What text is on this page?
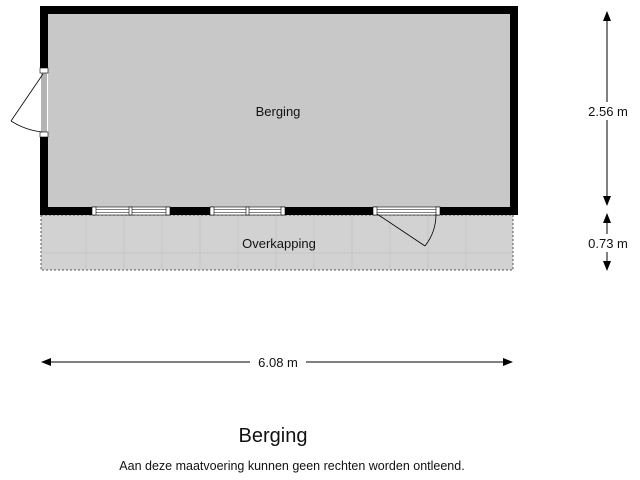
Berging
Overkapping
2.56 m
0.73 m
6.08 m
Berging
Aan deze maatvoering kunnen geen rechten worden ontleend.
